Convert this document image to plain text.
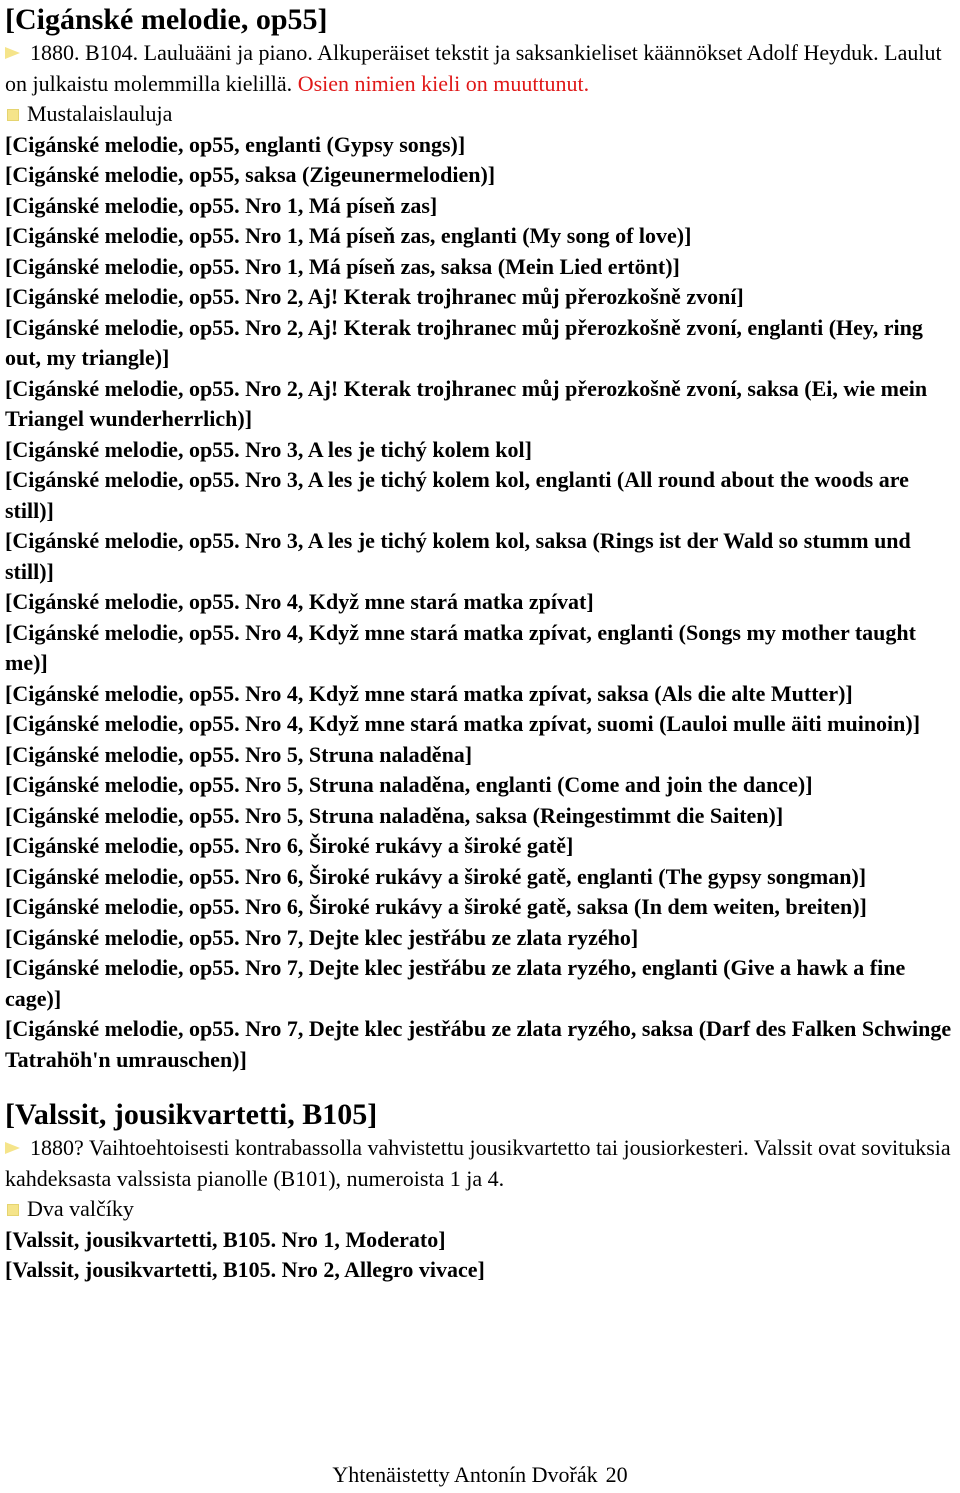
[Cigánské melodie, op55]

1880. B104. Lauluääni ja piano. Alkuperäiset tekstit ja saksankieliset käännökset Adolf Heyduk. Laulut on julkaistu molemmilla kielillä. Osien nimien kieli on muuttunut.

Mustalaislauluja

[Cigánské melodie, op55, englanti (Gypsy songs)]

[Cigánské melodie, op55, saksa (Zigeunermelodien)]

[Cigánské melodie, op55. Nro 1, Má píseň zas]

[Cigánské melodie, op55. Nro 1, Má píseň zas, englanti (My song of love)]

[Cigánské melodie, op55. Nro 1, Má píseň zas, saksa (Mein Lied ertönt)]

[Cigánské melodie, op55. Nro 2, Aj! Kterak trojhranec můj přerozkošně zvoní]

[Cigánské melodie, op55. Nro 2, Aj! Kterak trojhranec můj přerozkošně zvoní, englanti (Hey, ring out, my triangle)]

[Cigánské melodie, op55. Nro 2, Aj! Kterak trojhranec můj přerozkošně zvoní, saksa (Ei, wie mein Triangel wunderherrlich)]

[Cigánské melodie, op55. Nro 3, A les je tichý kolem kol]

[Cigánské melodie, op55. Nro 3, A les je tichý kolem kol, englanti (All round about the woods are still)]

[Cigánské melodie, op55. Nro 3, A les je tichý kolem kol, saksa (Rings ist der Wald so stumm und still)]

[Cigánské melodie, op55. Nro 4, Když mne stará matka zpívat]

[Cigánské melodie, op55. Nro 4, Když mne stará matka zpívat, englanti (Songs my mother taught me)]

[Cigánské melodie, op55. Nro 4, Když mne stará matka zpívat, saksa (Als die alte Mutter)]

[Cigánské melodie, op55. Nro 4, Když mne stará matka zpívat, suomi (Lauloi mulle äiti muinoin)]

[Cigánské melodie, op55. Nro 5, Struna naladěna]

[Cigánské melodie, op55. Nro 5, Struna naladěna, englanti (Come and join the dance)]

[Cigánské melodie, op55. Nro 5, Struna naladěna, saksa (Reingestimmt die Saiten)]

[Cigánské melodie, op55. Nro 6, Široké rukávy a široké gatě]

[Cigánské melodie, op55. Nro 6, Široké rukávy a široké gatě, englanti (The gypsy songman)]

[Cigánské melodie, op55. Nro 6, Široké rukávy a široké gatě, saksa (In dem weiten, breiten)]

[Cigánské melodie, op55. Nro 7, Dejte klec jestřábu ze zlata ryzého]

[Cigánské melodie, op55. Nro 7, Dejte klec jestřábu ze zlata ryzého, englanti (Give a hawk a fine cage)]

[Cigánské melodie, op55. Nro 7, Dejte klec jestřábu ze zlata ryzého, saksa (Darf des Falken Schwinge Tatrahöh'n umrauschen)]

[Valssit, jousikvartetti, B105]

1880? Vaihtoehtoisesti kontrabassolla vahvistettu jousikvartetto tai jousiorkesteri. Valssit ovat sovituksia kahdeksasta valssista pianolle (B101), numeroista 1 ja 4.

Dva valčíky

[Valssit, jousikvartetti, B105. Nro 1, Moderato]

[Valssit, jousikvartetti, B105. Nro 2, Allegro vivace]

Yhtenäistetty Antonín Dvořák 20
